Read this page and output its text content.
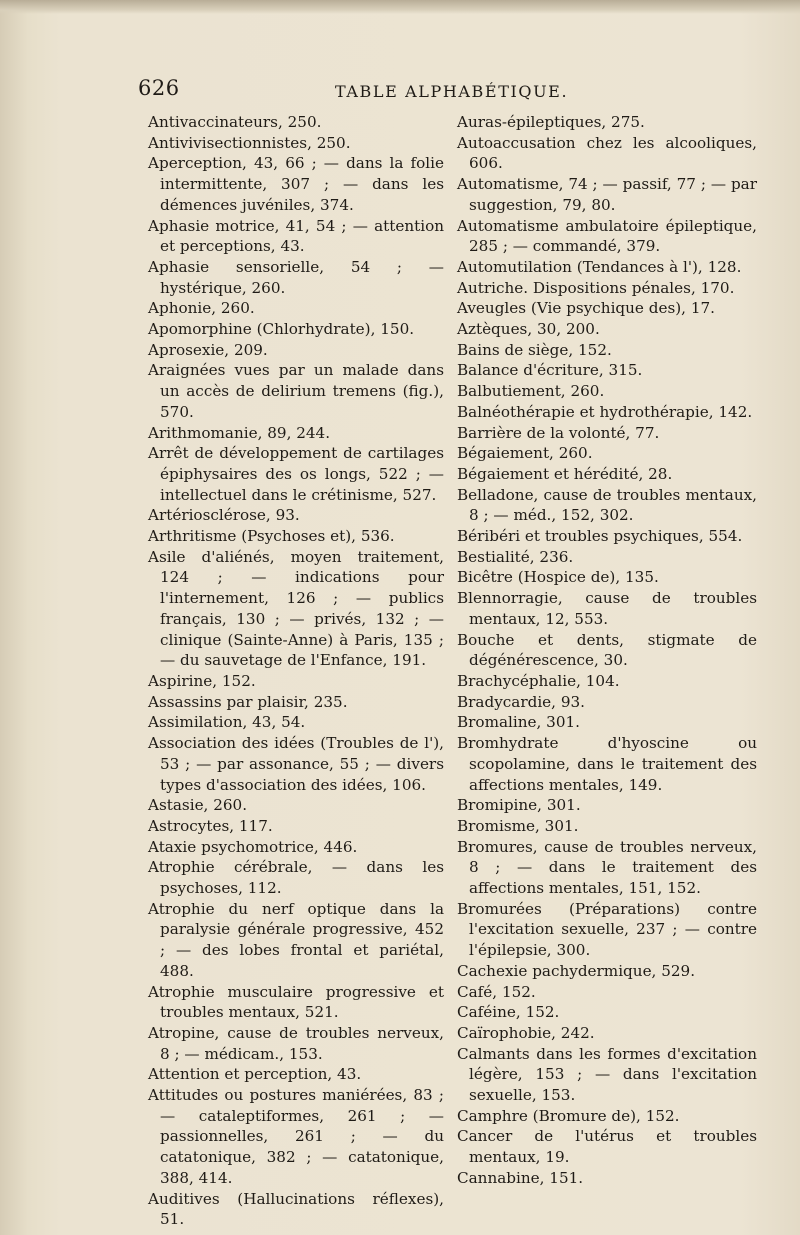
626	TABLE ALPHABÉTIQUE.
Antivaccinateurs, 250.
Antivivisectionnistes, 250.
Aperception, 43, 66 ; — dans la folie intermittente, 307 ; — dans les démences juvéniles, 374.
Aphasie motrice, 41, 54 ; — attention et perceptions, 43.
Aphasie sensorielle, 54 ; — hystérique, 260.
Aphonie, 260.
Apomorphine (Chlorhydrate), 150.
Aprosexie, 209.
Araignées vues par un malade dans un accès de delirium tremens (fig.), 570.
Arithmomanie, 89, 244.
Arrêt de développement de cartilages épiphysaires des os longs, 522 ; — intellectuel dans le crétinisme, 527.
Artériosclérose, 93.
Arthritisme (Psychoses et), 536.
Asile d'aliénés, moyen traitement, 124 ; — indications pour l'internement, 126 ; — publics français, 130 ; — privés, 132 ; — clinique (Sainte-Anne) à Paris, 135 ; — du sauvetage de l'Enfance, 191.
Aspirine, 152.
Assassins par plaisir, 235.
Assimilation, 43, 54.
Association des idées (Troubles de l'), 53 ; — par assonance, 55 ; — divers types d'association des idées, 106.
Astasie, 260.
Astrocytes, 117.
Ataxie psychomotrice, 446.
Atrophie cérébrale, — dans les psychoses, 112.
Atrophie du nerf optique dans la paralysie générale progressive, 452 ; — des lobes frontal et pariétal, 488.
Atrophie musculaire progressive et troubles mentaux, 521.
Atropine, cause de troubles nerveux, 8 ; — médicam., 153.
Attention et perception, 43.
Attitudes ou postures maniérées, 83 ; — cataleptiformes, 261 ; — passionnelles, 261 ; — du catatonique, 382 ; — catatonique, 388, 414.
Auditives (Hallucinations réflexes), 51.
Auras-épileptiques, 275.
Autoaccusation chez les alcooliques, 606.
Automatisme, 74 ; — passif, 77 ; — par suggestion, 79, 80.
Automatisme ambulatoire épileptique, 285 ; — commandé, 379.
Automutilation (Tendances à l'), 128.
Autriche. Dispositions pénales, 170.
Aveugles (Vie psychique des), 17.
Aztèques, 30, 200.
Bains de siège, 152.
Balance d'écriture, 315.
Balbutiement, 260.
Balnéothérapie et hydrothérapie, 142.
Barrière de la volonté, 77.
Bégaiement, 260.
Bégaiement et hérédité, 28.
Belladone, cause de troubles mentaux, 8 ; — méd., 152, 302.
Béribéri et troubles psychiques, 554.
Bestialité, 236.
Bicêtre (Hospice de), 135.
Blennorragie, cause de troubles mentaux, 12, 553.
Bouche et dents, stigmate de dégénérescence, 30.
Brachycéphalie, 104.
Bradycardie, 93.
Bromaline, 301.
Bromhydrate d'hyoscine ou scopolamine, dans le traitement des affections mentales, 149.
Bromipine, 301.
Bromisme, 301.
Bromures, cause de troubles nerveux, 8 ; — dans le traitement des affections mentales, 151, 152.
Bromurées (Préparations) contre l'excitation sexuelle, 237 ; — contre l'épilepsie, 300.
Cachexie pachydermique, 529.
Café, 152.
Caféine, 152.
Caïrophobie, 242.
Calmants dans les formes d'excitation légère, 153 ; — dans l'excitation sexuelle, 153.
Camphre (Bromure de), 152.
Cancer de l'utérus et troubles mentaux, 19.
Cannabine, 151.
